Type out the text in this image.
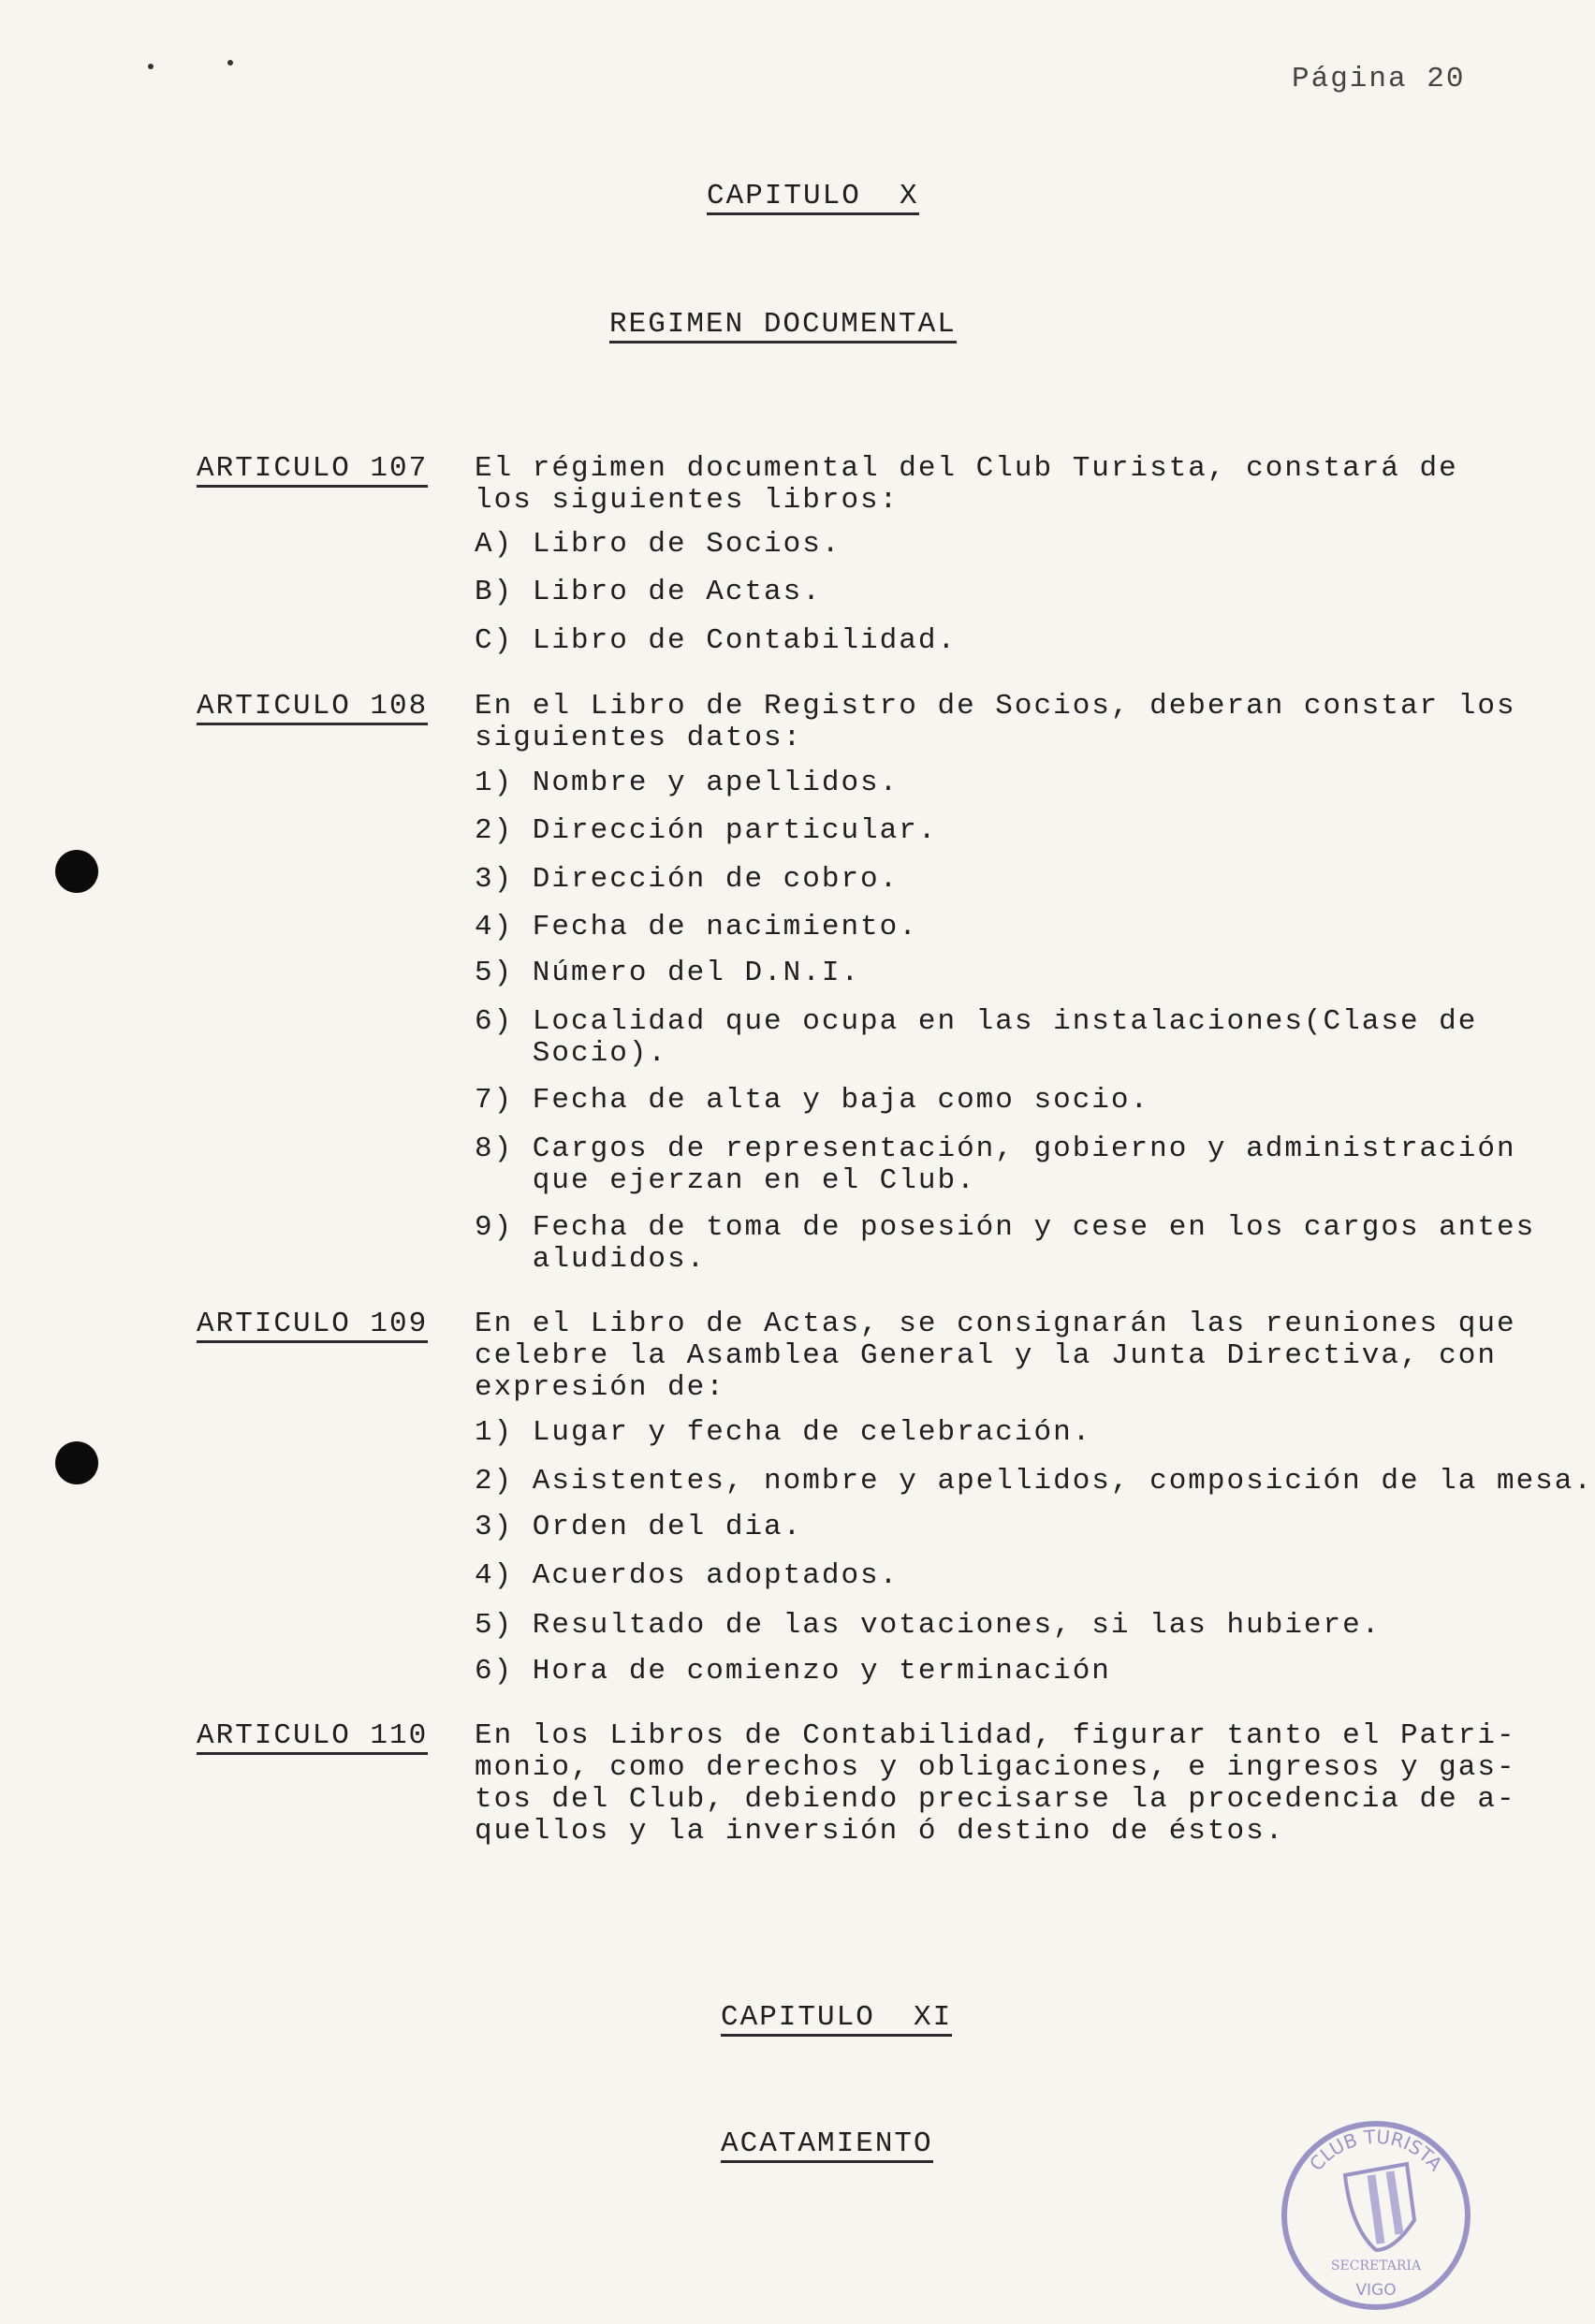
Página 20
CAPITULO  X
REGIMEN DOCUMENTAL
ARTICULO 107 El régimen documental del Club Turista, constará de
los siguientes libros:
A) Libro de Socios.
B) Libro de Actas.
C) Libro de Contabilidad.
ARTICULO 108 En el Libro de Registro de Socios, deberan constar los
siguientes datos:
1) Nombre y apellidos.
2) Dirección particular.
3) Dirección de cobro.
4) Fecha de nacimiento.
5) Número del D.N.I.
6) Localidad que ocupa en las instalaciones(Clase de
Socio).
7) Fecha de alta y baja como socio.
8) Cargos de representación, gobierno y administración
que ejerzan en el Club.
9) Fecha de toma de posesión y cese en los cargos antes
aludidos.
ARTICULO 109 En el Libro de Actas, se consignarán las reuniones que
celebre la Asamblea General y la Junta Directiva, con
expresión de:
1) Lugar y fecha de celebración.
2) Asistentes, nombre y apellidos, composición de la mesa.
3) Orden del dia.
4) Acuerdos adoptados.
5) Resultado de las votaciones, si las hubiere.
6) Hora de comienzo y terminación
ARTICULO 110 En los Libros de Contabilidad, figurar tanto el Patri-
monio, como derechos y obligaciones, e ingresos y gas-
tos del Club, debiendo precisarse la procedencia de a-
quellos y la inversión ó destino de éstos.
CAPITULO  XI
ACATAMIENTO
CLUB TURISTA
SECRETARIA
VIGO
